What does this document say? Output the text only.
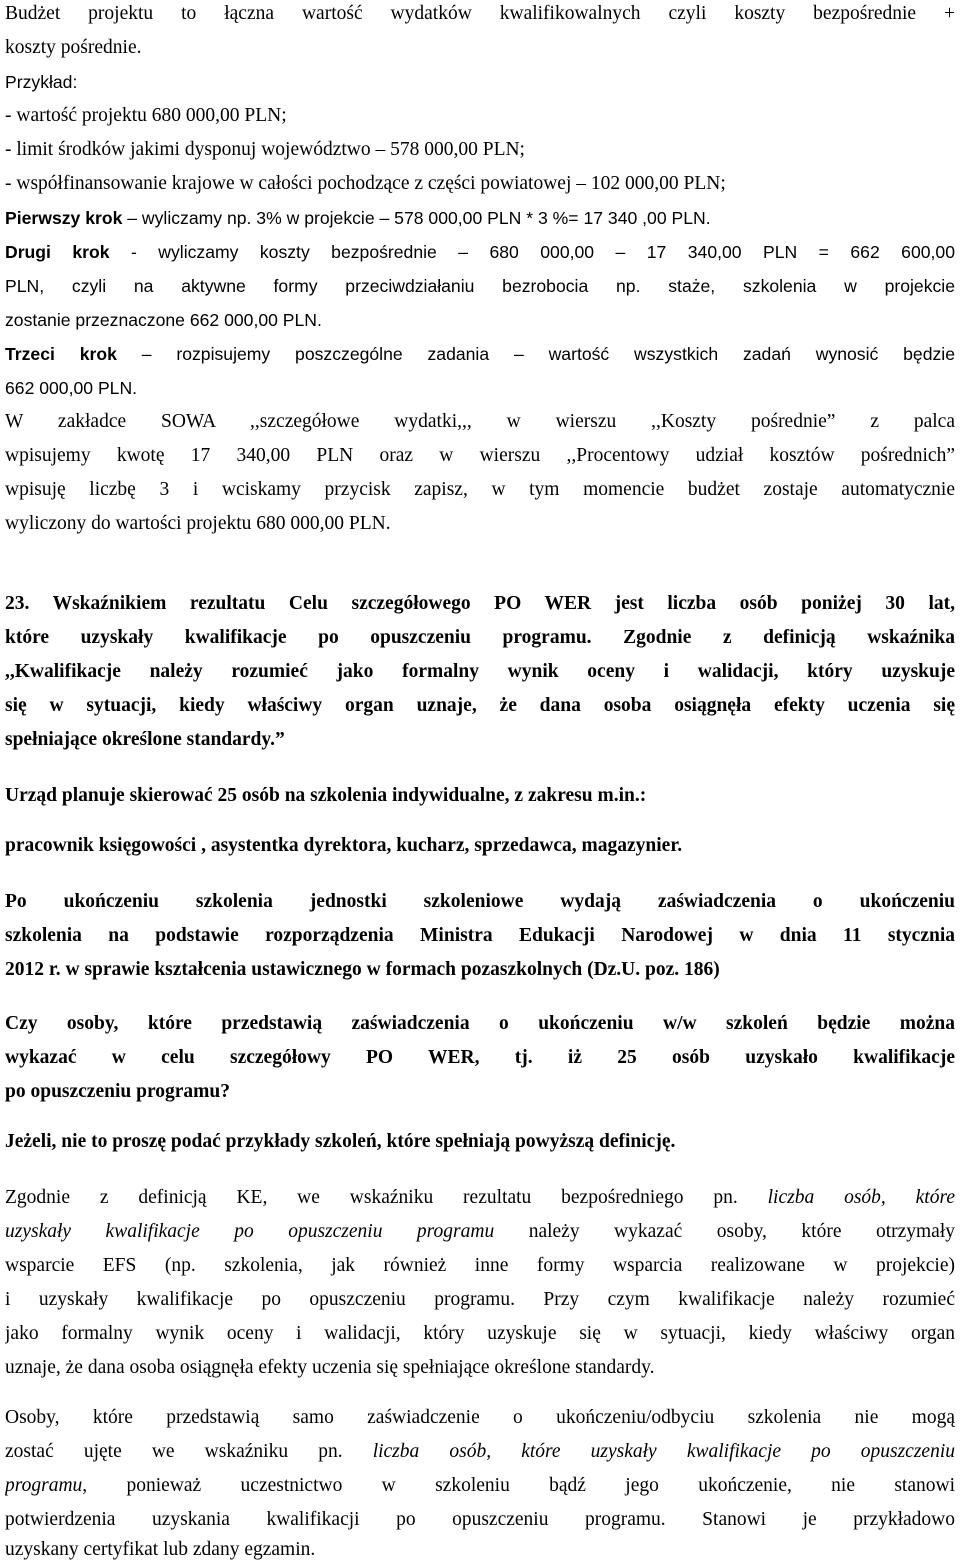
Budżet projektu to łączna wartość wydatków kwalifikowalnych czyli koszty bezpośrednie +
koszty pośrednie.
Przykład:
- wartość projektu 680 000,00 PLN;
- limit środków jakimi dysponuj województwo – 578 000,00 PLN;
- współfinansowanie krajowe w całości pochodzące z części powiatowej – 102 000,00 PLN;
Pierwszy krok – wyliczamy np. 3% w projekcie – 578 000,00 PLN * 3 %= 17 340 ,00 PLN.
Drugi krok - wyliczamy koszty bezpośrednie – 680 000,00 – 17 340,00 PLN = 662 600,00
PLN, czyli na aktywne formy przeciwdziałaniu bezrobocia np. staże, szkolenia w projekcie
zostanie przeznaczone 662 000,00 PLN.
Trzeci krok – rozpisujemy poszczególne zadania – wartość wszystkich zadań wynosić będzie
662 000,00 PLN.
W zakładce SOWA ,,szczegółowe wydatki,,, w wierszu ,,Koszty pośrednie” z palca
wpisujemy kwotę 17 340,00 PLN oraz w wierszu ,,Procentowy udział kosztów pośrednich”
wpisuję liczbę 3 i wciskamy przycisk zapisz, w tym momencie budżet zostaje automatycznie
wyliczony do wartości projektu 680 000,00 PLN.
23. Wskaźnikiem rezultatu Celu szczegółowego PO WER jest liczba osób poniżej 30 lat,
które uzyskały kwalifikacje po opuszczeniu programu. Zgodnie z definicją wskaźnika
,,Kwalifikacje należy rozumieć jako formalny wynik oceny i walidacji, który uzyskuje
się w sytuacji, kiedy właściwy organ uznaje, że dana osoba osiągnęła efekty uczenia się
spełniające określone standardy.”
Urząd planuje skierować 25 osób na szkolenia indywidualne, z zakresu m.in.:
pracownik księgowości , asystentka dyrektora, kucharz, sprzedawca, magazynier.
Po ukończeniu szkolenia jednostki szkoleniowe wydają zaświadczenia o ukończeniu
szkolenia na podstawie rozporządzenia Ministra Edukacji Narodowej w dnia 11 stycznia
2012 r. w sprawie kształcenia ustawicznego w formach pozaszkolnych (Dz.U. poz. 186)
Czy osoby, które przedstawią zaświadczenia o ukończeniu w/w szkoleń będzie można
wykazać w celu szczegółowy PO WER, tj. iż 25 osób uzyskało kwalifikacje
po opuszczeniu programu?
Jeżeli, nie to proszę podać przykłady szkoleń, które spełniają powyższą definicję.
Zgodnie z definicją KE, we wskaźniku rezultatu bezpośredniego pn. liczba osób, które
uzyskały kwalifikacje po opuszczeniu programu należy wykazać osoby, które otrzymały
wsparcie EFS (np. szkolenia, jak również inne formy wsparcia realizowane w projekcie)
i uzyskały kwalifikacje po opuszczeniu programu. Przy czym kwalifikacje należy rozumieć
jako formalny wynik oceny i walidacji, który uzyskuje się w sytuacji, kiedy właściwy organ
uznaje, że dana osoba osiągnęła efekty uczenia się spełniające określone standardy.
Osoby, które przedstawią samo zaświadczenie o ukończeniu/odbyciu szkolenia nie mogą
zostać ujęte we wskaźniku pn. liczba osób, które uzyskały kwalifikacje po opuszczeniu
programu, ponieważ uczestnictwo w szkoleniu bądź jego ukończenie, nie stanowi
potwierdzenia uzyskania kwalifikacji po opuszczeniu programu. Stanowi je przykładowo
uzyskany certyfikat lub zdany egzamin.
